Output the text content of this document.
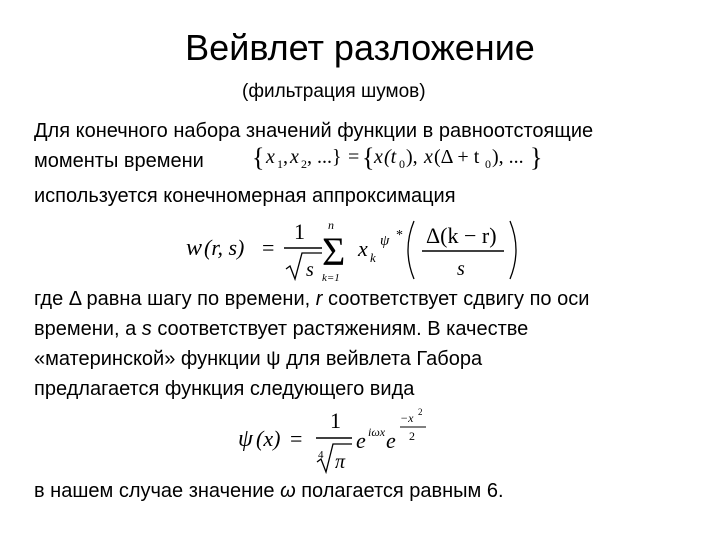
Вейвлет разложение
(фильтрация шумов)
Для конечного набора значений функции в равноотстоящие
моменты времени
используется конечномерная аппроксимация
{ x 1 , x 2 , ...} = { x (t 0 ), x (Δ + t 0 ), ... }
w (r, s) =
1
s
n
Σ
k=1
x k
ψ * Δ(k − r)
s
где Δ равна шагу по времени, r соответствует сдвигу по оси
времени, а s соответствует растяжениям. В качестве
«материнской» функции ψ для вейвлета Габора
предлагается функция следующего вида
ψ (x) =
1
4 π
e iωx e
−x 2
2
в нашем случае значение ω полагается равным 6.
